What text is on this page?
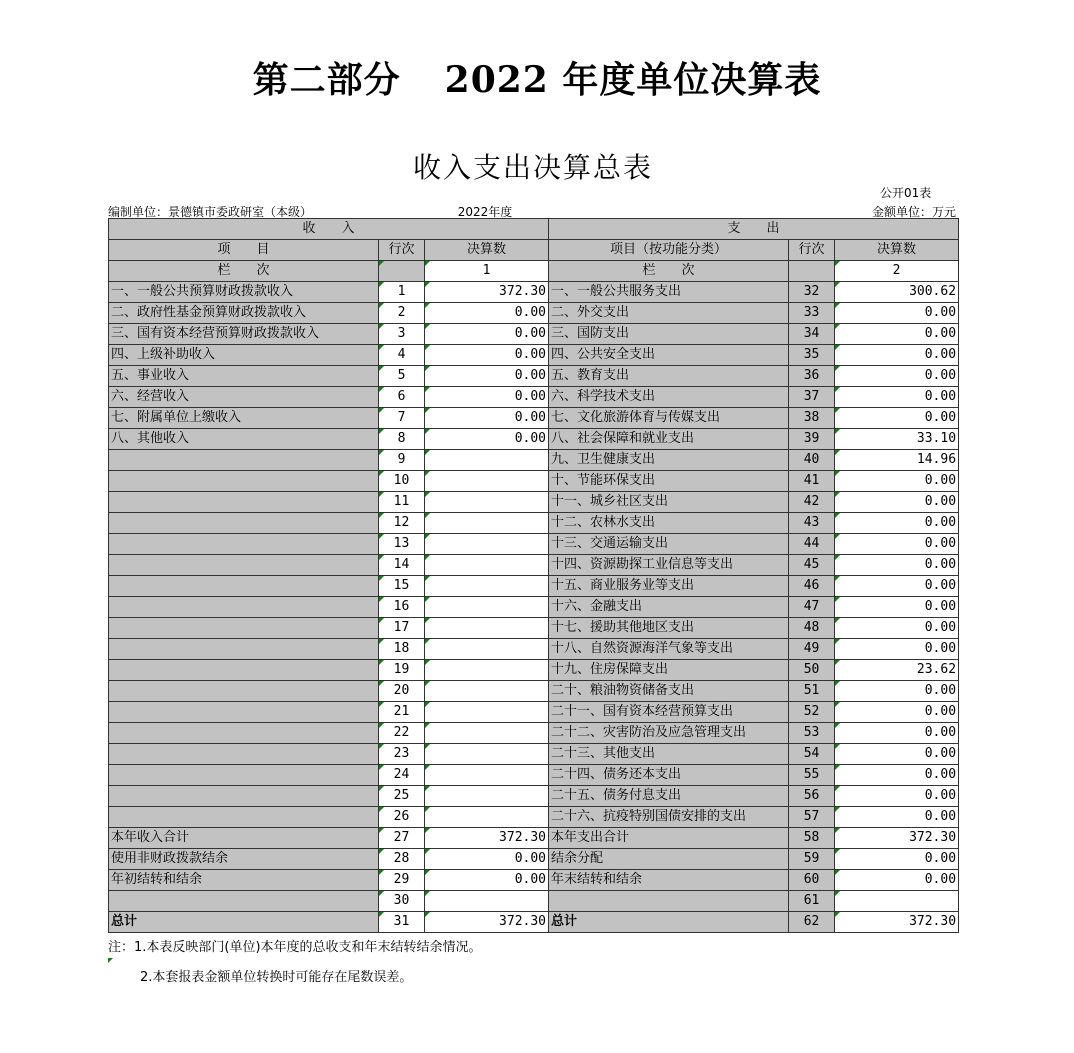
第二部分 2022 年度单位决算表
收入支出决算总表
公开01表
编制单位：景德镇市委政研室（本级）	2022年度	金额单位：万元
收　　入			支　　出		
项　　目	行次	决算数	项目（按功能分类）	行次	决算数
栏　　次		1	栏　　次		2
一、一般公共预算财政拨款收入	1	372.30	一、一般公共服务支出	32	300.62
二、政府性基金预算财政拨款收入	2	0.00	二、外交支出	33	0.00
三、国有资本经营预算财政拨款收入	3	0.00	三、国防支出	34	0.00
四、上级补助收入	4	0.00	四、公共安全支出	35	0.00
五、事业收入	5	0.00	五、教育支出	36	0.00
六、经营收入	6	0.00	六、科学技术支出	37	0.00
七、附属单位上缴收入	7	0.00	七、文化旅游体育与传媒支出	38	0.00
八、其他收入	8	0.00	八、社会保障和就业支出	39	33.10
	9		九、卫生健康支出	40	14.96
	10		十、节能环保支出	41	0.00
	11		十一、城乡社区支出	42	0.00
	12		十二、农林水支出	43	0.00
	13		十三、交通运输支出	44	0.00
	14		十四、资源勘探工业信息等支出	45	0.00
	15		十五、商业服务业等支出	46	0.00
	16		十六、金融支出	47	0.00
	17		十七、援助其他地区支出	48	0.00
	18		十八、自然资源海洋气象等支出	49	0.00
	19		十九、住房保障支出	50	23.62
	20		二十、粮油物资储备支出	51	0.00
	21		二十一、国有资本经营预算支出	52	0.00
	22		二十二、灾害防治及应急管理支出	53	0.00
	23		二十三、其他支出	54	0.00
	24		二十四、债务还本支出	55	0.00
	25		二十五、债务付息支出	56	0.00
	26		二十六、抗疫特别国债安排的支出	57	0.00
本年收入合计	27	372.30	本年支出合计	58	372.30
使用非财政拨款结余	28	0.00	结余分配	59	0.00
年初结转和结余	29	0.00	年末结转和结余	60	0.00
	30			61	
总计	31	372.30	总计	62	372.30
注：1.本表反映部门(单位)本年度的总收支和年末结转结余情况。
2.本套报表金额单位转换时可能存在尾数误差。
